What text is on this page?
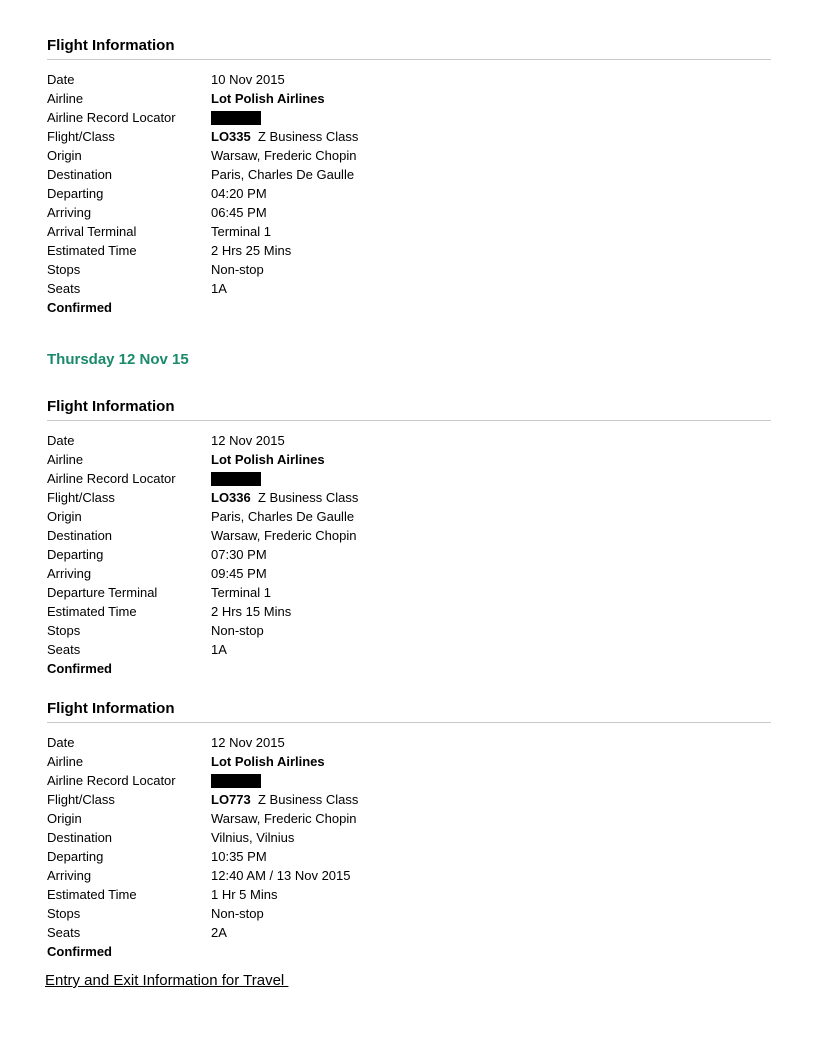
Flight Information
Date	10 Nov 2015
Airline	Lot Polish Airlines
Airline Record Locator
Flight/Class	LO335 Z Business Class
Origin	Warsaw, Frederic Chopin
Destination	Paris, Charles De Gaulle
Departing	04:20 PM
Arriving	06:45 PM
Arrival Terminal	Terminal 1
Estimated Time	2 Hrs 25 Mins
Stops	Non-stop
Seats	1A
Confirmed
Thursday 12 Nov 15
Flight Information
Date	12 Nov 2015
Airline	Lot Polish Airlines
Airline Record Locator
Flight/Class	LO336 Z Business Class
Origin	Paris, Charles De Gaulle
Destination	Warsaw, Frederic Chopin
Departing	07:30 PM
Arriving	09:45 PM
Departure Terminal	Terminal 1
Estimated Time	2 Hrs 15 Mins
Stops	Non-stop
Seats	1A
Confirmed
Flight Information
Date	12 Nov 2015
Airline	Lot Polish Airlines
Airline Record Locator
Flight/Class	LO773 Z Business Class
Origin	Warsaw, Frederic Chopin
Destination	Vilnius, Vilnius
Departing	10:35 PM
Arriving	12:40 AM / 13 Nov 2015
Estimated Time	1 Hr 5 Mins
Stops	Non-stop
Seats	2A
Confirmed
Entry and Exit Information for Travel
